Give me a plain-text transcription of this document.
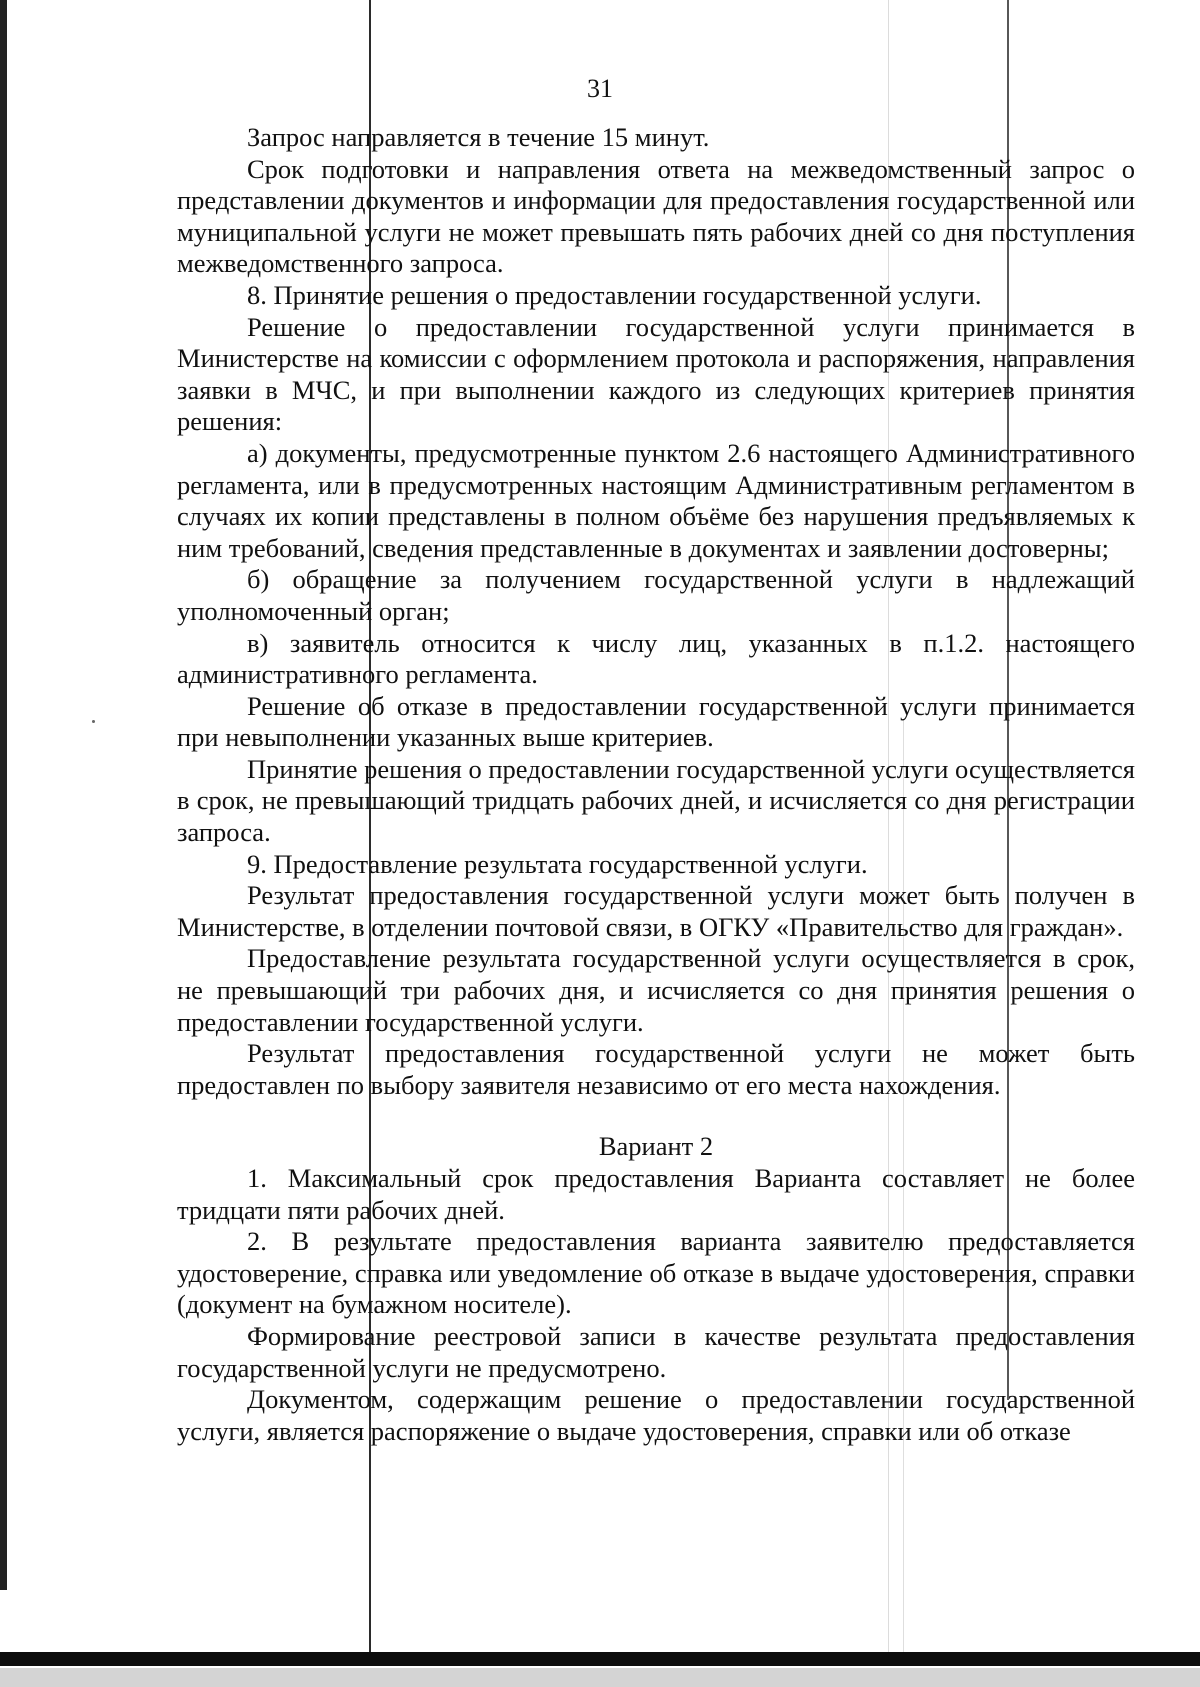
31

Запрос направляется в течение 15 минут.

Срок подготовки и направления ответа на межведомственный запрос о представлении документов и информации для предоставления государственной или муниципальной услуги не может превышать пять рабочих дней со дня поступления межведомственного запроса.

8. Принятие решения о предоставлении государственной услуги.

Решение о предоставлении государственной услуги принимается в Министерстве на комиссии с оформлением протокола и распоряжения, направления заявки в МЧС, и при выполнении каждого из следующих критериев принятия решения:

а) документы, предусмотренные пунктом 2.6 настоящего Административного регламента, или в предусмотренных настоящим Административным регламентом в случаях их копии представлены в полном объёме без нарушения предъявляемых к ним требований, сведения представленные в документах и заявлении достоверны;

б) обращение за получением государственной услуги в надлежащий уполномоченный орган;

в) заявитель относится к числу лиц, указанных в п.1.2. настоящего административного регламента.

Решение об отказе в предоставлении государственной услуги принимается при невыполнении указанных выше критериев.

Принятие решения о предоставлении государственной услуги осуществляется в срок, не превышающий тридцать рабочих дней, и исчисляется со дня регистрации запроса.

9. Предоставление результата государственной услуги.

Результат предоставления государственной услуги может быть получен в Министерстве, в отделении почтовой связи, в ОГКУ «Правительство для граждан».

Предоставление результата государственной услуги осуществляется в срок, не превышающий три рабочих дня, и исчисляется со дня принятия решения о предоставлении государственной услуги.

Результат предоставления государственной услуги не может быть предоставлен по выбору заявителя независимо от его места нахождения.

Вариант 2

1. Максимальный срок предоставления Варианта составляет не более тридцати пяти рабочих дней.

2. В результате предоставления варианта заявителю предоставляется удостоверение, справка или уведомление об отказе в выдаче удостоверения, справки (документ на бумажном носителе).

Формирование реестровой записи в качестве результата предоставления государственной услуги не предусмотрено.

Документом, содержащим решение о предоставлении государственной услуги, является распоряжение о выдаче удостоверения, справки или об отказе
